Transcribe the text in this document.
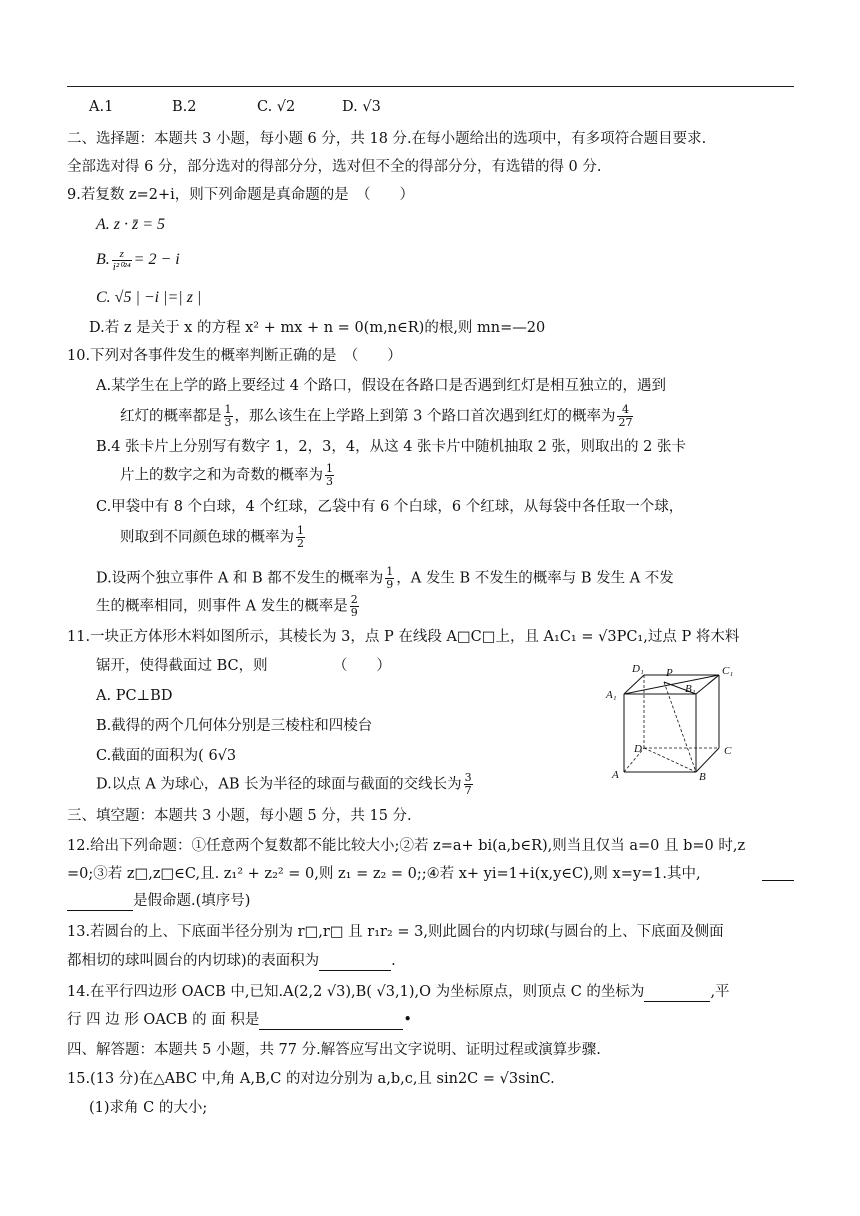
A.1	B.2	C. √2	D. √3
二、选择题：本题共 3 小题，每小题 6 分，共 18 分.在每小题给出的选项中，有多项符合题目要求.
全部选对得 6 分，部分选对的得部分分，选对但不全的得部分分，有选错的得 0 分.
9.若复数 z=2+i，则下列命题是真命题的是　（　　）
A. z · z̄ = 5
B. $\frac{z}{\text{i²⁰²⁴}} = 2 - i$
C. √5 | −i |=| z |
D.若 z 是关于 x 的方程 x² + mx + n = 0(m,n∈R)的根,则 mn=—20
10.下列对各事件发生的概率判断正确的是　（　　）
A.某学生在上学的路上要经过 4 个路口，假设在各路口是否遇到红灯是相互独立的，遇到
红灯的概率都是 $\frac{1}{3}$ ，那么该生在上学路上到第 3 个路口首次遇到红灯的概率为 $\frac{4}{27}$
B.4 张卡片上分别写有数字 1，2，3，4，从这 4 张卡片中随机抽取 2 张，则取出的 2 张卡
片上的数字之和为奇数的概率为 $\frac{1}{3}$
C.甲袋中有 8 个白球，4 个红球，乙袋中有 6 个白球，6 个红球，从每袋中各任取一个球，
则取到不同颜色球的概率为 $\frac{1}{2}$
D.设两个独立事件 A 和 B 都不发生的概率为 $\frac{1}{9}$ ，A 发生 B 不发生的概率与 B 发生 A 不发
生的概率相同，则事件 A 发生的概率是 $\frac{2}{9}$
11.一块正方体形木料如图所示，其棱长为 3，点 P 在线段 A□C□上，且 A₁C₁ = √3PC₁,过点 P 将木料
锯开，使得截面过 BC，则　　　　　（　　）
A. PC⊥BD
B.截得的两个几何体分别是三棱柱和四棱台
C.截面的面积为( 6√3
D.以点 A 为球心，AB 长为半径的球面与截面的交线长为 $\frac{3}{7}$
D₁ P	C₁
A₁	B₁
D	C
A	B
三、填空题：本题共 3 小题，每小题 5 分，共 15 分.
12.给出下列命题：①任意两个复数都不能比较大小;②若 z=a+ bi(a,b∈R),则当且仅当 a=0 且 b=0 时,z
=0;③若 z□,z□∈C,且. z₁² + z₂² = 0,则 z₁ = z₂ = 0;;④若 x+ yi=1+i(x,y∈C),则 x=y=1.其中,
是假命题.(填序号)
13.若圆台的上、下底面半径分别为 r□,r□ 且 r₁r₂ = 3,则此圆台的内切球(与圆台的上、下底面及侧面
都相切的球叫圆台的内切球)的表面积为	.
14.在平行四边形 OACB 中,已知.A(2,2 √3),B( √3,1),O 为坐标原点，则顶点 C 的坐标为	,平
行 四 边 形 OACB 的 面 积是	•
四、解答题：本题共 5 小题，共 77 分.解答应写出文字说明、证明过程或演算步骤.
15.(13 分)在△ABC 中,角 A,B,C 的对边分别为 a,b,c,且 sin2C = √3sinC.
(1)求角 C 的大小;
